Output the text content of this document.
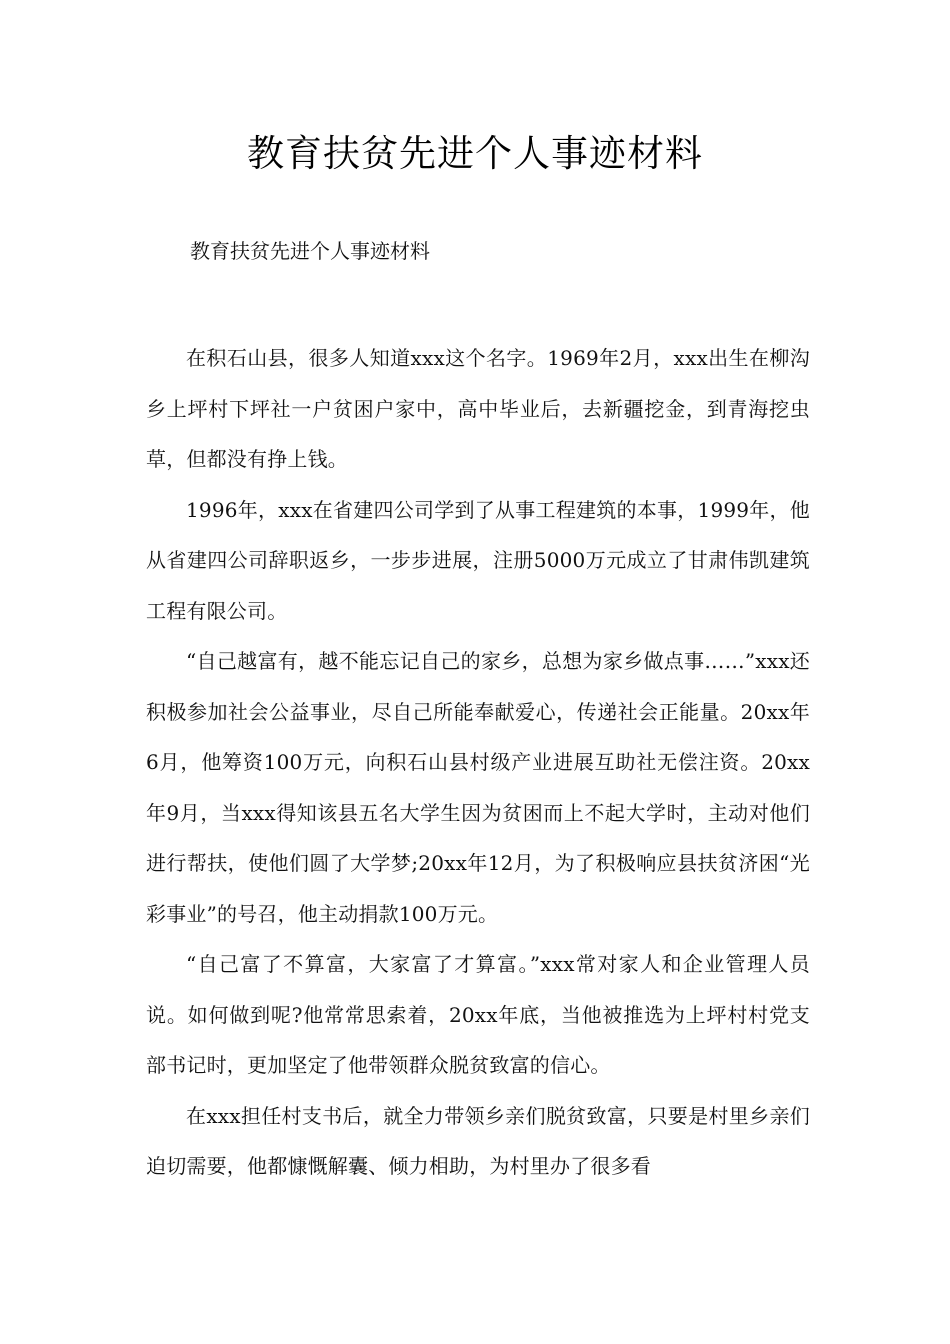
教育扶贫先进个人事迹材料

教育扶贫先进个人事迹材料

在积石山县，很多人知道xxx这个名字。1969年2月，xxx出生在柳沟乡上坪村下坪社一户贫困户家中，高中毕业后，去新疆挖金，到青海挖虫草，但都没有挣上钱。

1996年，xxx在省建四公司学到了从事工程建筑的本事，1999年，他从省建四公司辞职返乡，一步步进展，注册5000万元成立了甘肃伟凯建筑工程有限公司。

“自己越富有，越不能忘记自己的家乡，总想为家乡做点事……”xxx还积极参加社会公益事业，尽自己所能奉献爱心，传递社会正能量。20xx年6月，他筹资100万元，向积石山县村级产业进展互助社无偿注资。20xx年9月，当xxx得知该县五名大学生因为贫困而上不起大学时，主动对他们进行帮扶，使他们圆了大学梦;20xx年12月，为了积极响应县扶贫济困“光彩事业”的号召，他主动捐款100万元。

“自己富了不算富，大家富了才算富。”xxx常对家人和企业管理人员说。如何做到呢?他常常思索着，20xx年底，当他被推选为上坪村村党支部书记时，更加坚定了他带领群众脱贫致富的信心。

在xxx担任村支书后，就全力带领乡亲们脱贫致富，只要是村里乡亲们迫切需要，他都慷慨解囊、倾力相助，为村里办了很多看
